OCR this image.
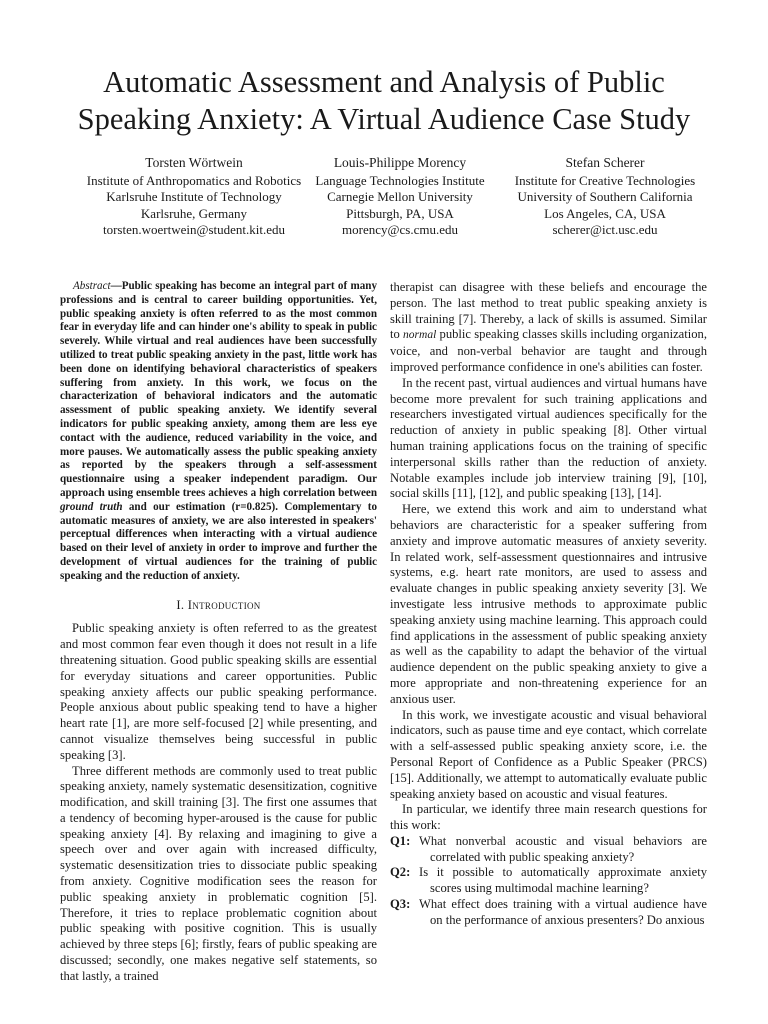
Automatic Assessment and Analysis of Public
Speaking Anxiety: A Virtual Audience Case Study
Torsten Wörtwein
Institute of Anthropomatics and Robotics
Karlsruhe Institute of Technology
Karlsruhe, Germany
torsten.woertwein@student.kit.edu
Louis-Philippe Morency
Language Technologies Institute
Carnegie Mellon University
Pittsburgh, PA, USA
morency@cs.cmu.edu
Stefan Scherer
Institute for Creative Technologies
University of Southern California
Los Angeles, CA, USA
scherer@ict.usc.edu
Abstract—Public speaking has become an integral part of many professions and is central to career building opportunities. Yet, public speaking anxiety is often referred to as the most common fear in everyday life and can hinder one's ability to speak in public severely. While virtual and real audiences have been successfully utilized to treat public speaking anxiety in the past, little work has been done on identifying behavioral characteristics of speakers suffering from anxiety. In this work, we focus on the characterization of behavioral indicators and the automatic assessment of public speaking anxiety. We identify several indicators for public speaking anxiety, among them are less eye contact with the audience, reduced variability in the voice, and more pauses. We automatically assess the public speaking anxiety as reported by the speakers through a self-assessment questionnaire using a speaker independent paradigm. Our approach using ensemble trees achieves a high correlation between ground truth and our estimation (r=0.825). Complementary to automatic measures of anxiety, we are also interested in speakers' perceptual differences when interacting with a virtual audience based on their level of anxiety in order to improve and further the development of virtual audiences for the training of public speaking and the reduction of anxiety.
I. Introduction

Public speaking anxiety is often referred to as the greatest and most common fear even though it does not result in a life threatening situation. Good public speaking skills are essential for everyday situations and career opportunities. Public speaking anxiety affects our public speaking performance. People anxious about public speaking tend to have a higher heart rate [1], are more self-focused [2] while presenting, and cannot visualize themselves being successful in public speaking [3].

Three different methods are commonly used to treat public speaking anxiety, namely systematic desensitization, cognitive modification, and skill training [3]. The first one assumes that a tendency of becoming hyper-aroused is the cause for public speaking anxiety [4]. By relaxing and imagining to give a speech over and over again with increased difficulty, systematic desensitization tries to dissociate public speaking from anxiety. Cognitive modification sees the reason for public speaking anxiety in problematic cognition [5]. Therefore, it tries to replace problematic cognition about public speaking with positive cognition. This is usually achieved by three steps [6]; firstly, fears of public speaking are discussed; secondly, one makes negative self statements, so that lastly, a trained

therapist can disagree with these beliefs and encourage the person. The last method to treat public speaking anxiety is skill training [7]. Thereby, a lack of skills is assumed. Similar to normal public speaking classes skills including organization, voice, and non-verbal behavior are taught and through improved performance confidence in one's abilities can foster.

In the recent past, virtual audiences and virtual humans have become more prevalent for such training applications and researchers investigated virtual audiences specifically for the reduction of anxiety in public speaking [8]. Other virtual human training applications focus on the training of specific interpersonal skills rather than the reduction of anxiety. Notable examples include job interview training [9], [10], social skills [11], [12], and public speaking [13], [14].

Here, we extend this work and aim to understand what behaviors are characteristic for a speaker suffering from anxiety and improve automatic measures of anxiety severity. In related work, self-assessment questionnaires and intrusive systems, e.g. heart rate monitors, are used to assess and evaluate changes in public speaking anxiety severity [3]. We investigate less intrusive methods to approximate public speaking anxiety using machine learning. This approach could find applications in the assessment of public speaking anxiety as well as the capability to adapt the behavior of the virtual audience dependent on the public speaking anxiety to give a more appropriate and non-threatening experience for an anxious user.

In this work, we investigate acoustic and visual behavioral indicators, such as pause time and eye contact, which correlate with a self-assessed public speaking anxiety score, i.e. the Personal Report of Confidence as a Public Speaker (PRCS) [15]. Additionally, we attempt to automatically evaluate public speaking anxiety based on acoustic and visual features.

In particular, we identify three main research questions for this work:

Q1: What nonverbal acoustic and visual behaviors are correlated with public speaking anxiety?
Q2: Is it possible to automatically approximate anxiety scores using multimodal machine learning?
Q3: What effect does training with a virtual audience have on the performance of anxious presenters? Do anxious
